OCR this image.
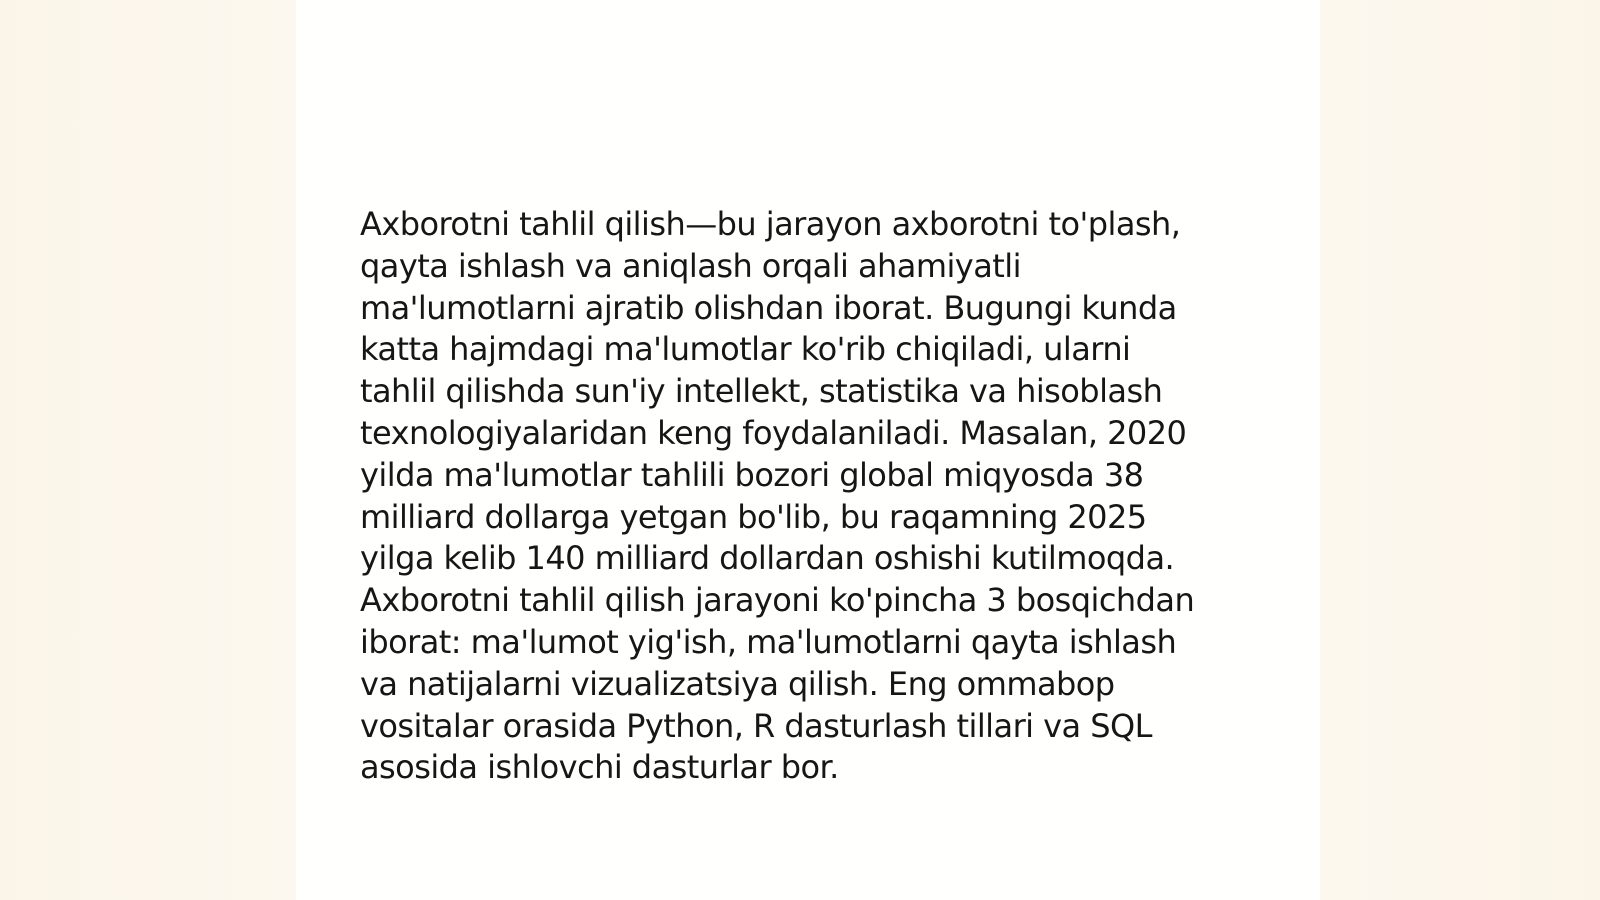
Axborotni tahlil qilish—bu jarayon axborotni to'plash,
qayta ishlash va aniqlash orqali ahamiyatli
ma'lumotlarni ajratib olishdan iborat. Bugungi kunda
katta hajmdagi ma'lumotlar ko'rib chiqiladi, ularni
tahlil qilishda sun'iy intellekt, statistika va hisoblash
texnologiyalaridan keng foydalaniladi. Masalan, 2020
yilda ma'lumotlar tahlili bozori global miqyosda 38
milliard dollarga yetgan bo'lib, bu raqamning 2025
yilga kelib 140 milliard dollardan oshishi kutilmoqda.
Axborotni tahlil qilish jarayoni ko'pincha 3 bosqichdan
iborat: ma'lumot yig'ish, ma'lumotlarni qayta ishlash
va natijalarni vizualizatsiya qilish. Eng ommabop
vositalar orasida Python, R dasturlash tillari va SQL
asosida ishlovchi dasturlar bor.
